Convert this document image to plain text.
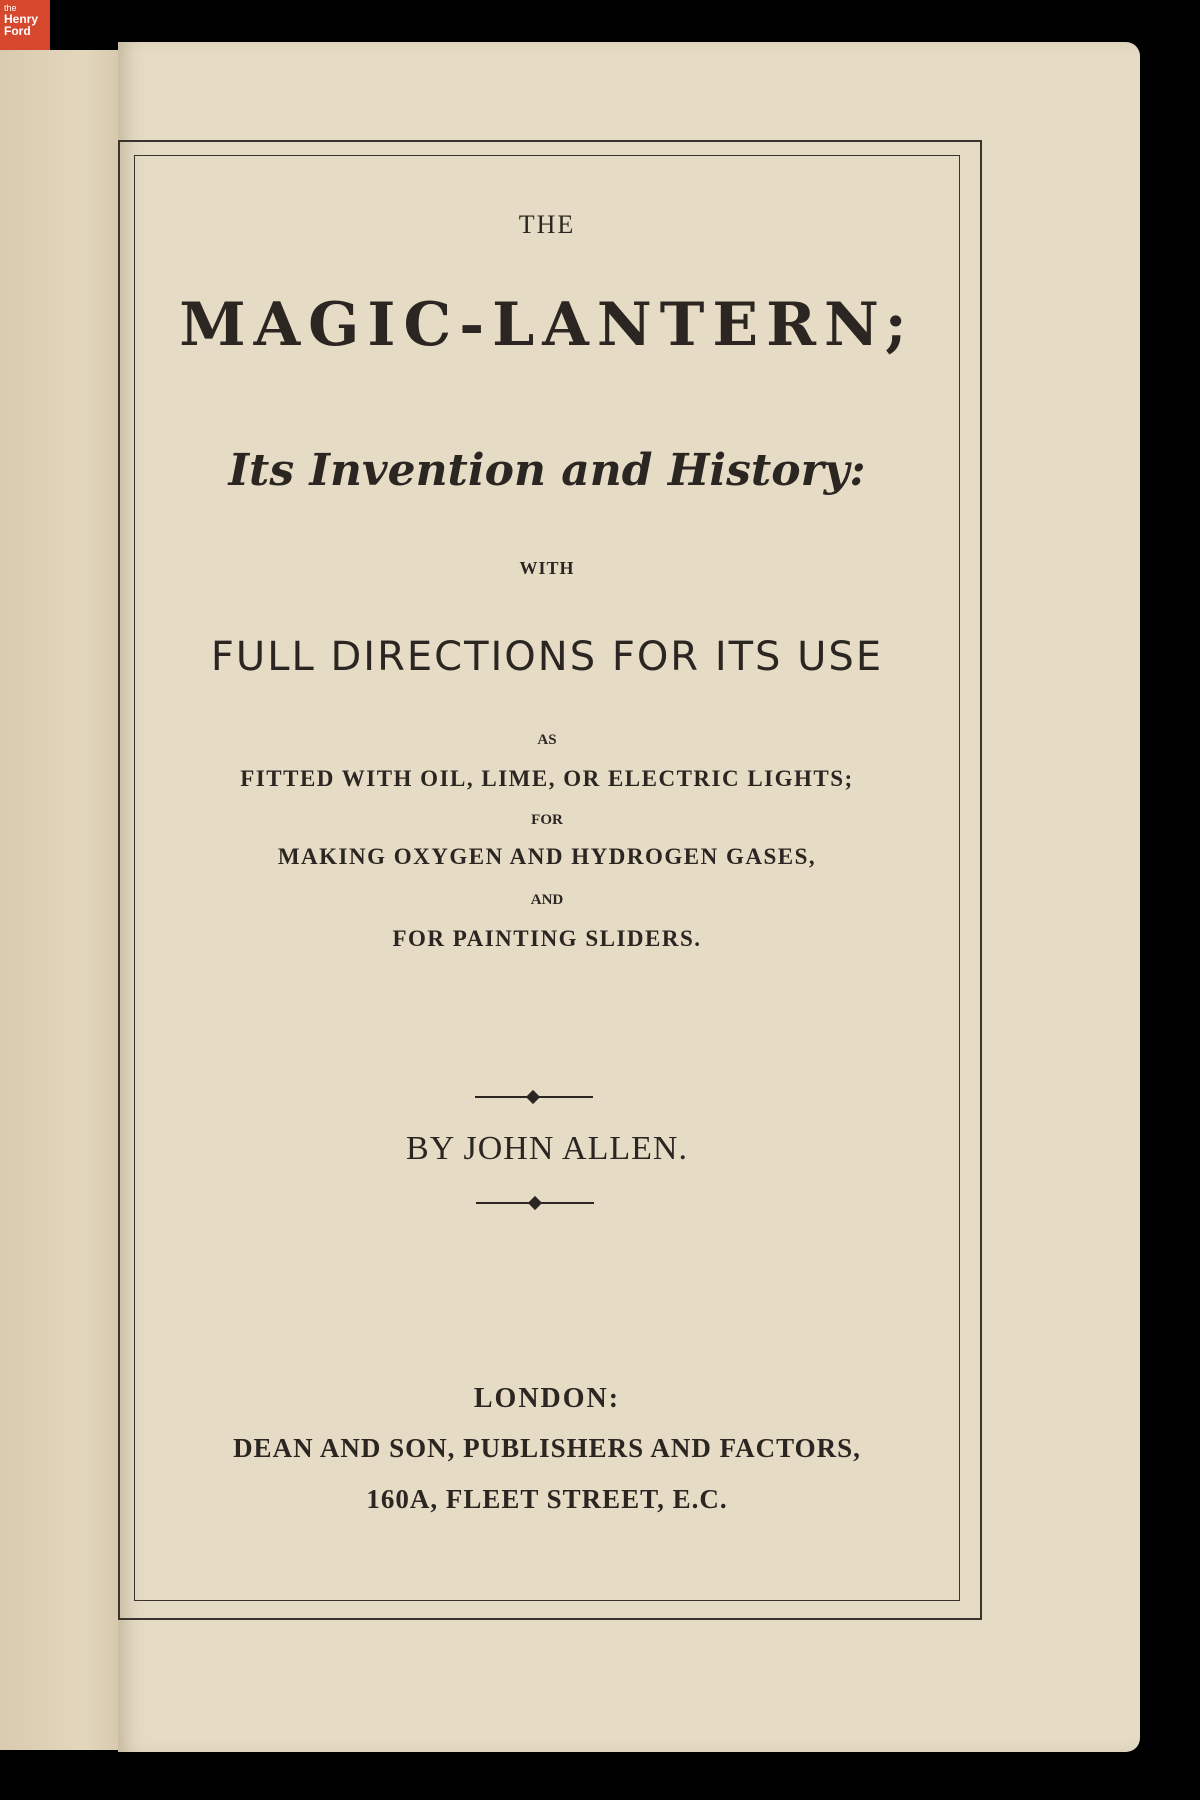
the
Henry Ford
THE
MAGIC-LANTERN;
Its Invention and History:
WITH
FULL DIRECTIONS FOR ITS USE
AS
FITTED WITH OIL, LIME, OR ELECTRIC LIGHTS;
FOR
MAKING OXYGEN AND HYDROGEN GASES,
AND
FOR PAINTING SLIDERS.
BY JOHN ALLEN.
LONDON:
DEAN AND SON, PUBLISHERS AND FACTORS,
160A, FLEET STREET, E.C.
